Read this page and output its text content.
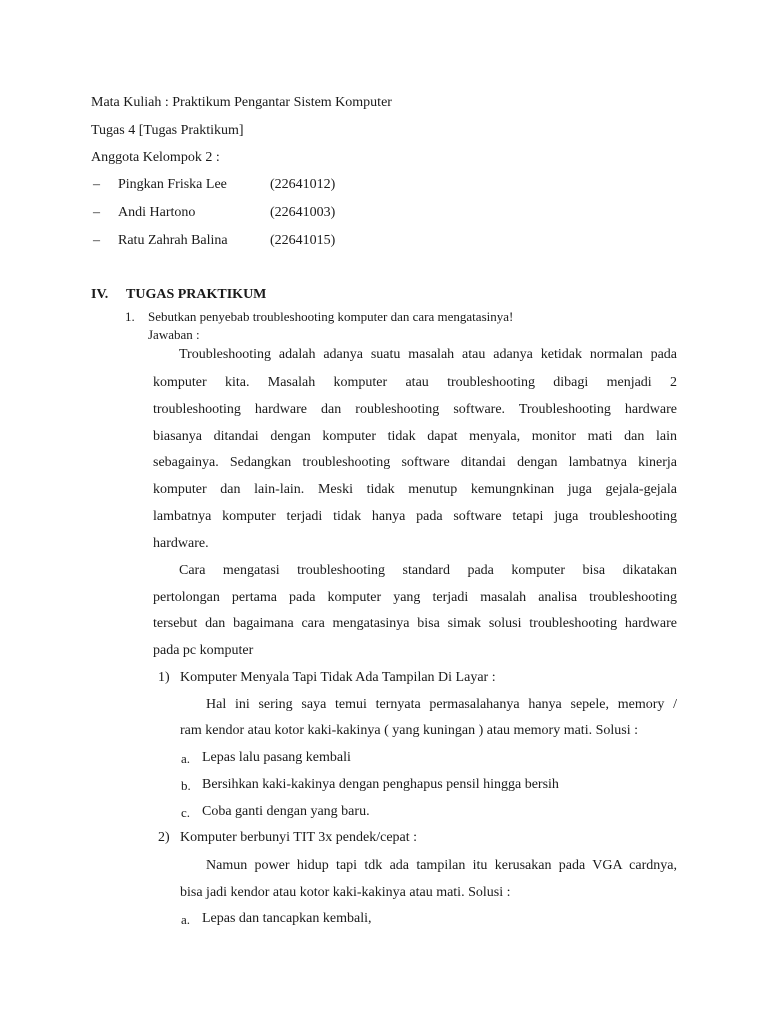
Mata Kuliah : Praktikum Pengantar Sistem Komputer
Tugas 4 [Tugas Praktikum]
Anggota Kelompok 2 :
– Pingkan Friska Lee	(22641012)
– Andi Hartono	(22641003)
– Ratu Zahrah Balina	(22641015)
IV. TUGAS PRAKTIKUM
1. Sebutkan penyebab troubleshooting komputer dan cara mengatasinya!
Jawaban :
Troubleshooting adalah adanya suatu masalah atau adanya ketidak normalan pada
komputer kita. Masalah komputer atau troubleshooting dibagi menjadi 2
troubleshooting hardware dan roubleshooting software. Troubleshooting hardware
biasanya ditandai dengan komputer tidak dapat menyala, monitor mati dan lain
sebagainya. Sedangkan troubleshooting software ditandai dengan lambatnya kinerja
komputer dan lain-lain. Meski tidak menutup kemungnkinan juga gejala-gejala
lambatnya komputer terjadi tidak hanya pada software tetapi juga troubleshooting
hardware.
Cara mengatasi troubleshooting standard pada komputer bisa dikatakan
pertolongan pertama pada komputer yang terjadi masalah analisa troubleshooting
tersebut dan bagaimana cara mengatasinya bisa simak solusi troubleshooting hardware
pada pc komputer
1) Komputer Menyala Tapi Tidak Ada Tampilan Di Layar :
Hal ini sering saya temui ternyata permasalahanya hanya sepele, memory /
ram kendor atau kotor kaki-kakinya ( yang kuningan ) atau memory mati. Solusi :
a. Lepas lalu pasang kembali
b. Bersihkan kaki-kakinya dengan penghapus pensil hingga bersih
c. Coba ganti dengan yang baru.
2) Komputer berbunyi TIT 3x pendek/cepat :
Namun power hidup tapi tdk ada tampilan itu kerusakan pada VGA cardnya,
bisa jadi kendor atau kotor kaki-kakinya atau mati. Solusi :
a. Lepas dan tancapkan kembali,
